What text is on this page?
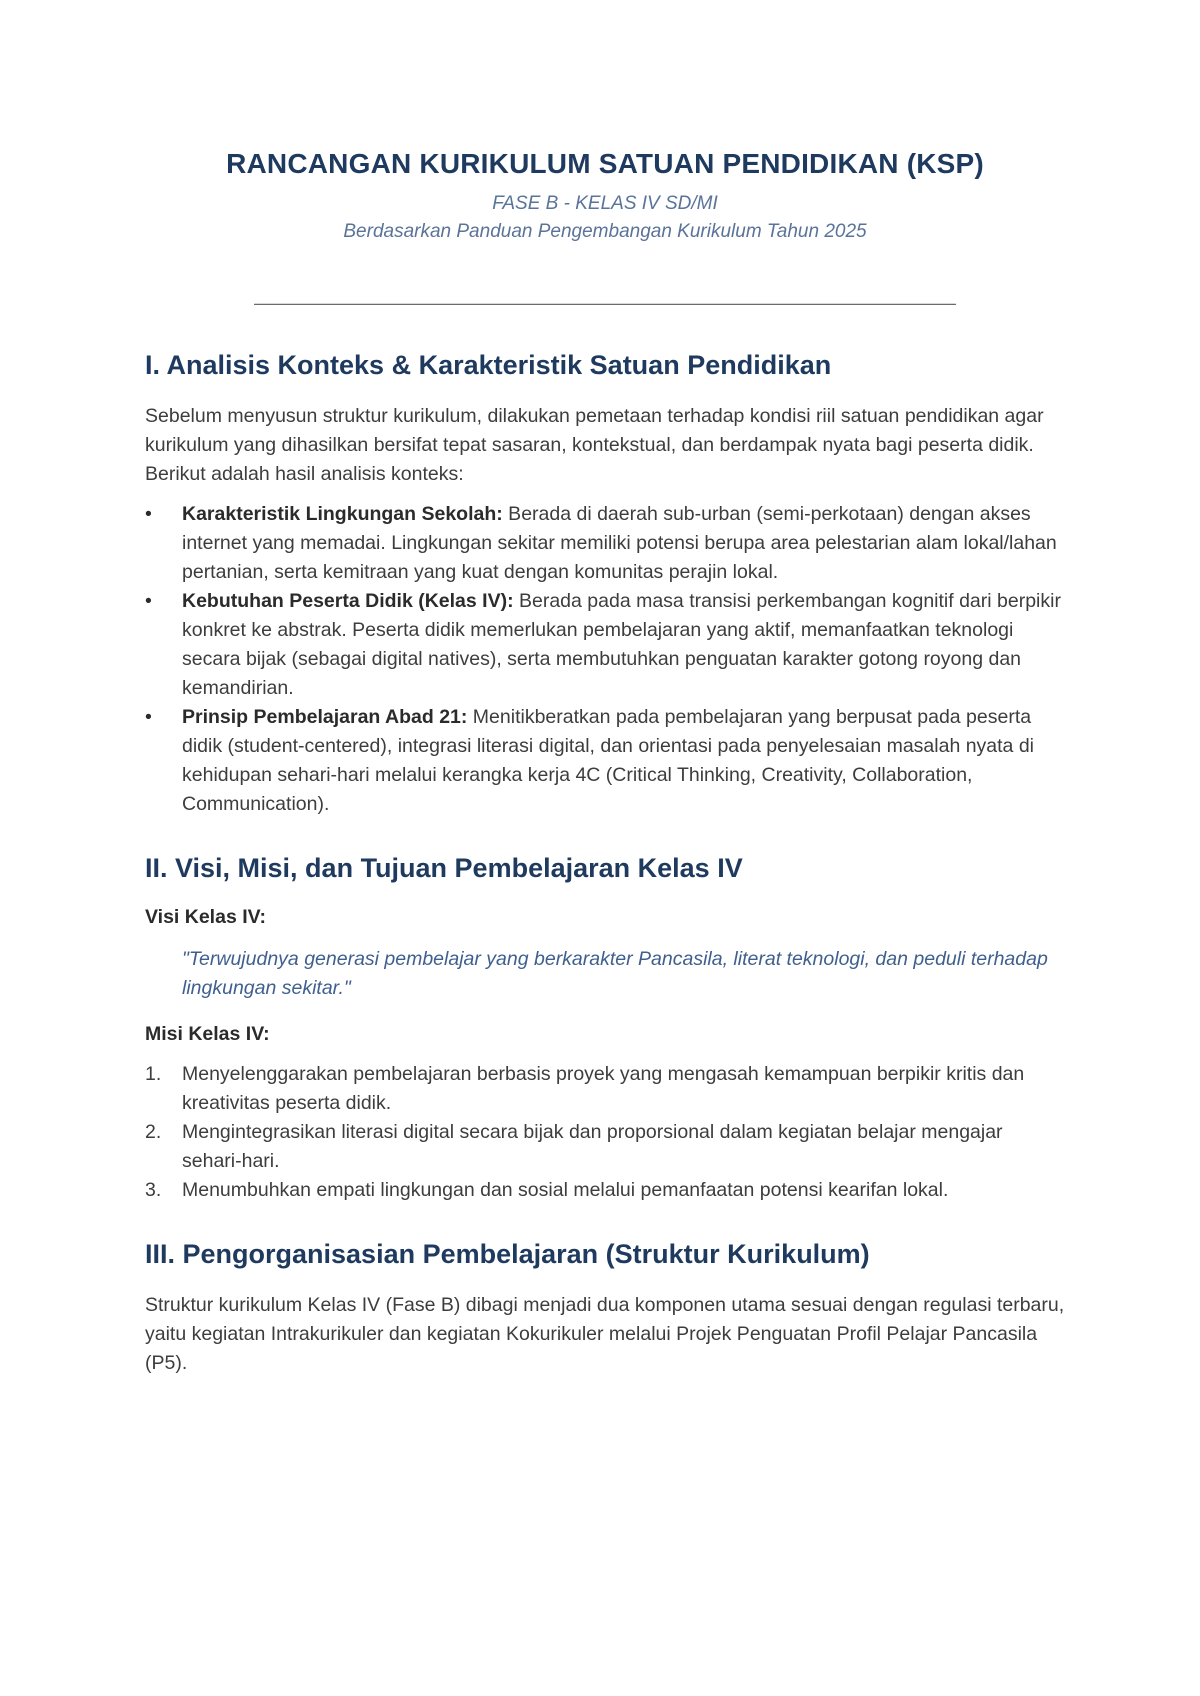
RANCANGAN KURIKULUM SATUAN PENDIDIKAN (KSP)

FASE B - KELAS IV SD/MI

Berdasarkan Panduan Pengembangan Kurikulum Tahun 2025

———————————————————————————————————————
I. Analisis Konteks & Karakteristik Satuan Pendidikan

Sebelum menyusun struktur kurikulum, dilakukan pemetaan terhadap kondisi riil satuan pendidikan agar kurikulum yang dihasilkan bersifat tepat sasaran, kontekstual, dan berdampak nyata bagi peserta didik. Berikut adalah hasil analisis konteks:

•	Karakteristik Lingkungan Sekolah: Berada di daerah sub-urban (semi-perkotaan) dengan akses internet yang memadai. Lingkungan sekitar memiliki potensi berupa area pelestarian alam lokal/lahan pertanian, serta kemitraan yang kuat dengan komunitas perajin lokal.
•	Kebutuhan Peserta Didik (Kelas IV): Berada pada masa transisi perkembangan kognitif dari berpikir konkret ke abstrak. Peserta didik memerlukan pembelajaran yang aktif, memanfaatkan teknologi secara bijak (sebagai digital natives), serta membutuhkan penguatan karakter gotong royong dan kemandirian.
•	Prinsip Pembelajaran Abad 21: Menitikberatkan pada pembelajaran yang berpusat pada peserta didik (student-centered), integrasi literasi digital, dan orientasi pada penyelesaian masalah nyata di kehidupan sehari-hari melalui kerangka kerja 4C (Critical Thinking, Creativity, Collaboration, Communication).
II. Visi, Misi, dan Tujuan Pembelajaran Kelas IV
Visi Kelas IV:

"Terwujudnya generasi pembelajar yang berkarakter Pancasila, literat teknologi, dan peduli terhadap lingkungan sekitar."

Misi Kelas IV:
1. Menyelenggarakan pembelajaran berbasis proyek yang mengasah kemampuan berpikir kritis dan kreativitas peserta didik.
2. Mengintegrasikan literasi digital secara bijak dan proporsional dalam kegiatan belajar mengajar sehari-hari.
3. Menumbuhkan empati lingkungan dan sosial melalui pemanfaatan potensi kearifan lokal.
III. Pengorganisasian Pembelajaran (Struktur Kurikulum)

Struktur kurikulum Kelas IV (Fase B) dibagi menjadi dua komponen utama sesuai dengan regulasi terbaru, yaitu kegiatan Intrakurikuler dan kegiatan Kokurikuler melalui Projek Penguatan Profil Pelajar Pancasila (P5).
